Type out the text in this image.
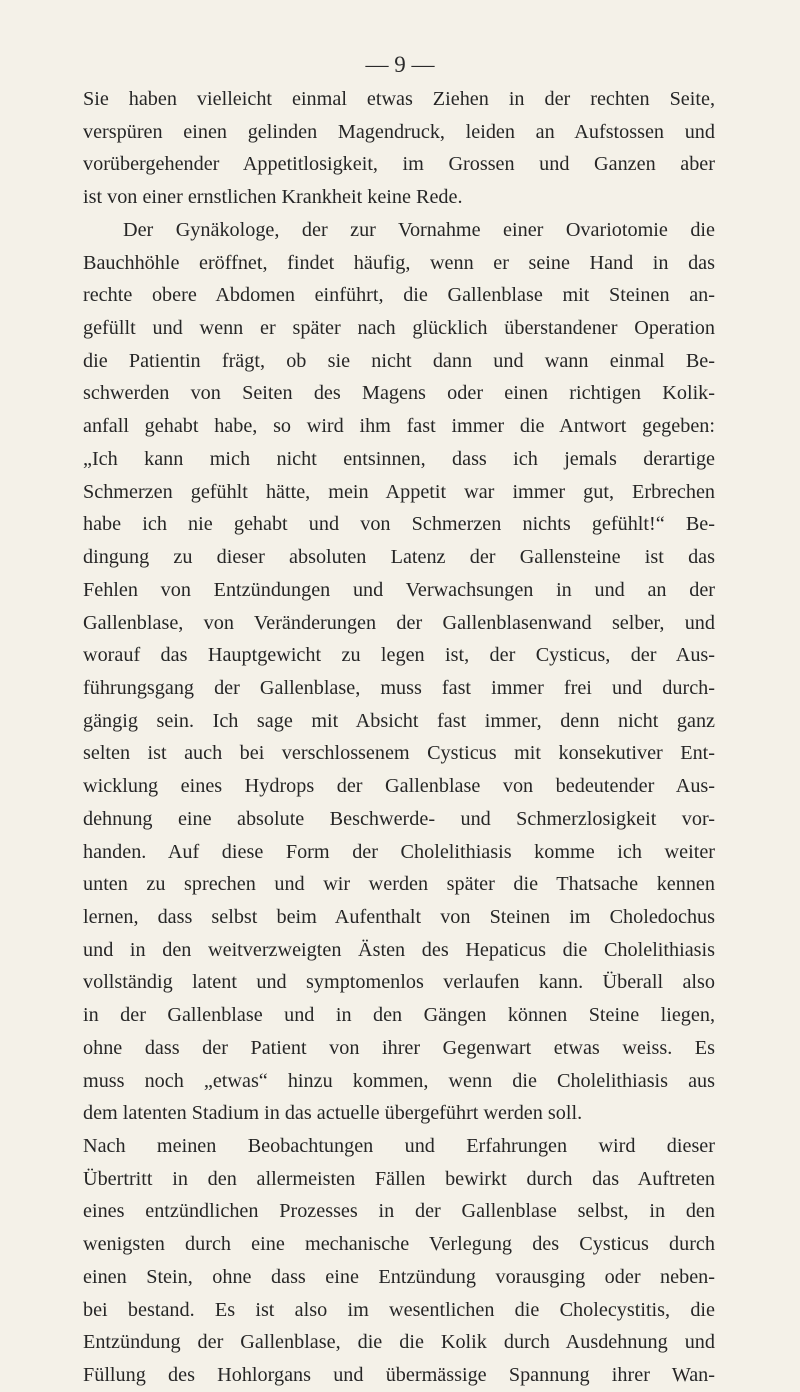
— 9 —
Sie haben vielleicht einmal etwas Ziehen in der rechten Seite,
verspüren einen gelinden Magendruck, leiden an Aufstossen und
vorübergehender Appetitlosigkeit, im Grossen und Ganzen aber
ist von einer ernstlichen Krankheit keine Rede.
Der Gynäkologe, der zur Vornahme einer Ovariotomie die
Bauchhöhle eröffnet, findet häufig, wenn er seine Hand in das
rechte obere Abdomen einführt, die Gallenblase mit Steinen an-
gefüllt und wenn er später nach glücklich überstandener Operation
die Patientin frägt, ob sie nicht dann und wann einmal Be-
schwerden von Seiten des Magens oder einen richtigen Kolik-
anfall gehabt habe, so wird ihm fast immer die Antwort gegeben:
„Ich kann mich nicht entsinnen, dass ich jemals derartige
Schmerzen gefühlt hätte, mein Appetit war immer gut, Erbrechen
habe ich nie gehabt und von Schmerzen nichts gefühlt!“ Be-
dingung zu dieser absoluten Latenz der Gallensteine ist das
Fehlen von Entzündungen und Verwachsungen in und an der
Gallenblase, von Veränderungen der Gallenblasenwand selber, und
worauf das Hauptgewicht zu legen ist, der Cysticus, der Aus-
führungsgang der Gallenblase, muss fast immer frei und durch-
gängig sein. Ich sage mit Absicht fast immer, denn nicht ganz
selten ist auch bei verschlossenem Cysticus mit konsekutiver Ent-
wicklung eines Hydrops der Gallenblase von bedeutender Aus-
dehnung eine absolute Beschwerde- und Schmerzlosigkeit vor-
handen. Auf diese Form der Cholelithiasis komme ich weiter
unten zu sprechen und wir werden später die Thatsache kennen
lernen, dass selbst beim Aufenthalt von Steinen im Choledochus
und in den weitverzweigten Ästen des Hepaticus die Cholelithiasis
vollständig latent und symptomenlos verlaufen kann. Überall also
in der Gallenblase und in den Gängen können Steine liegen,
ohne dass der Patient von ihrer Gegenwart etwas weiss. Es
muss noch „etwas“ hinzu kommen, wenn die Cholelithiasis aus
dem latenten Stadium in das actuelle übergeführt werden soll.
Nach meinen Beobachtungen und Erfahrungen wird dieser
Übertritt in den allermeisten Fällen bewirkt durch das Auftreten
eines entzündlichen Prozesses in der Gallenblase selbst, in den
wenigsten durch eine mechanische Verlegung des Cysticus durch
einen Stein, ohne dass eine Entzündung vorausging oder neben-
bei bestand. Es ist also im wesentlichen die Cholecystitis, die
Entzündung der Gallenblase, die die Kolik durch Ausdehnung und
Füllung des Hohlorgans und übermässige Spannung ihrer Wan-
